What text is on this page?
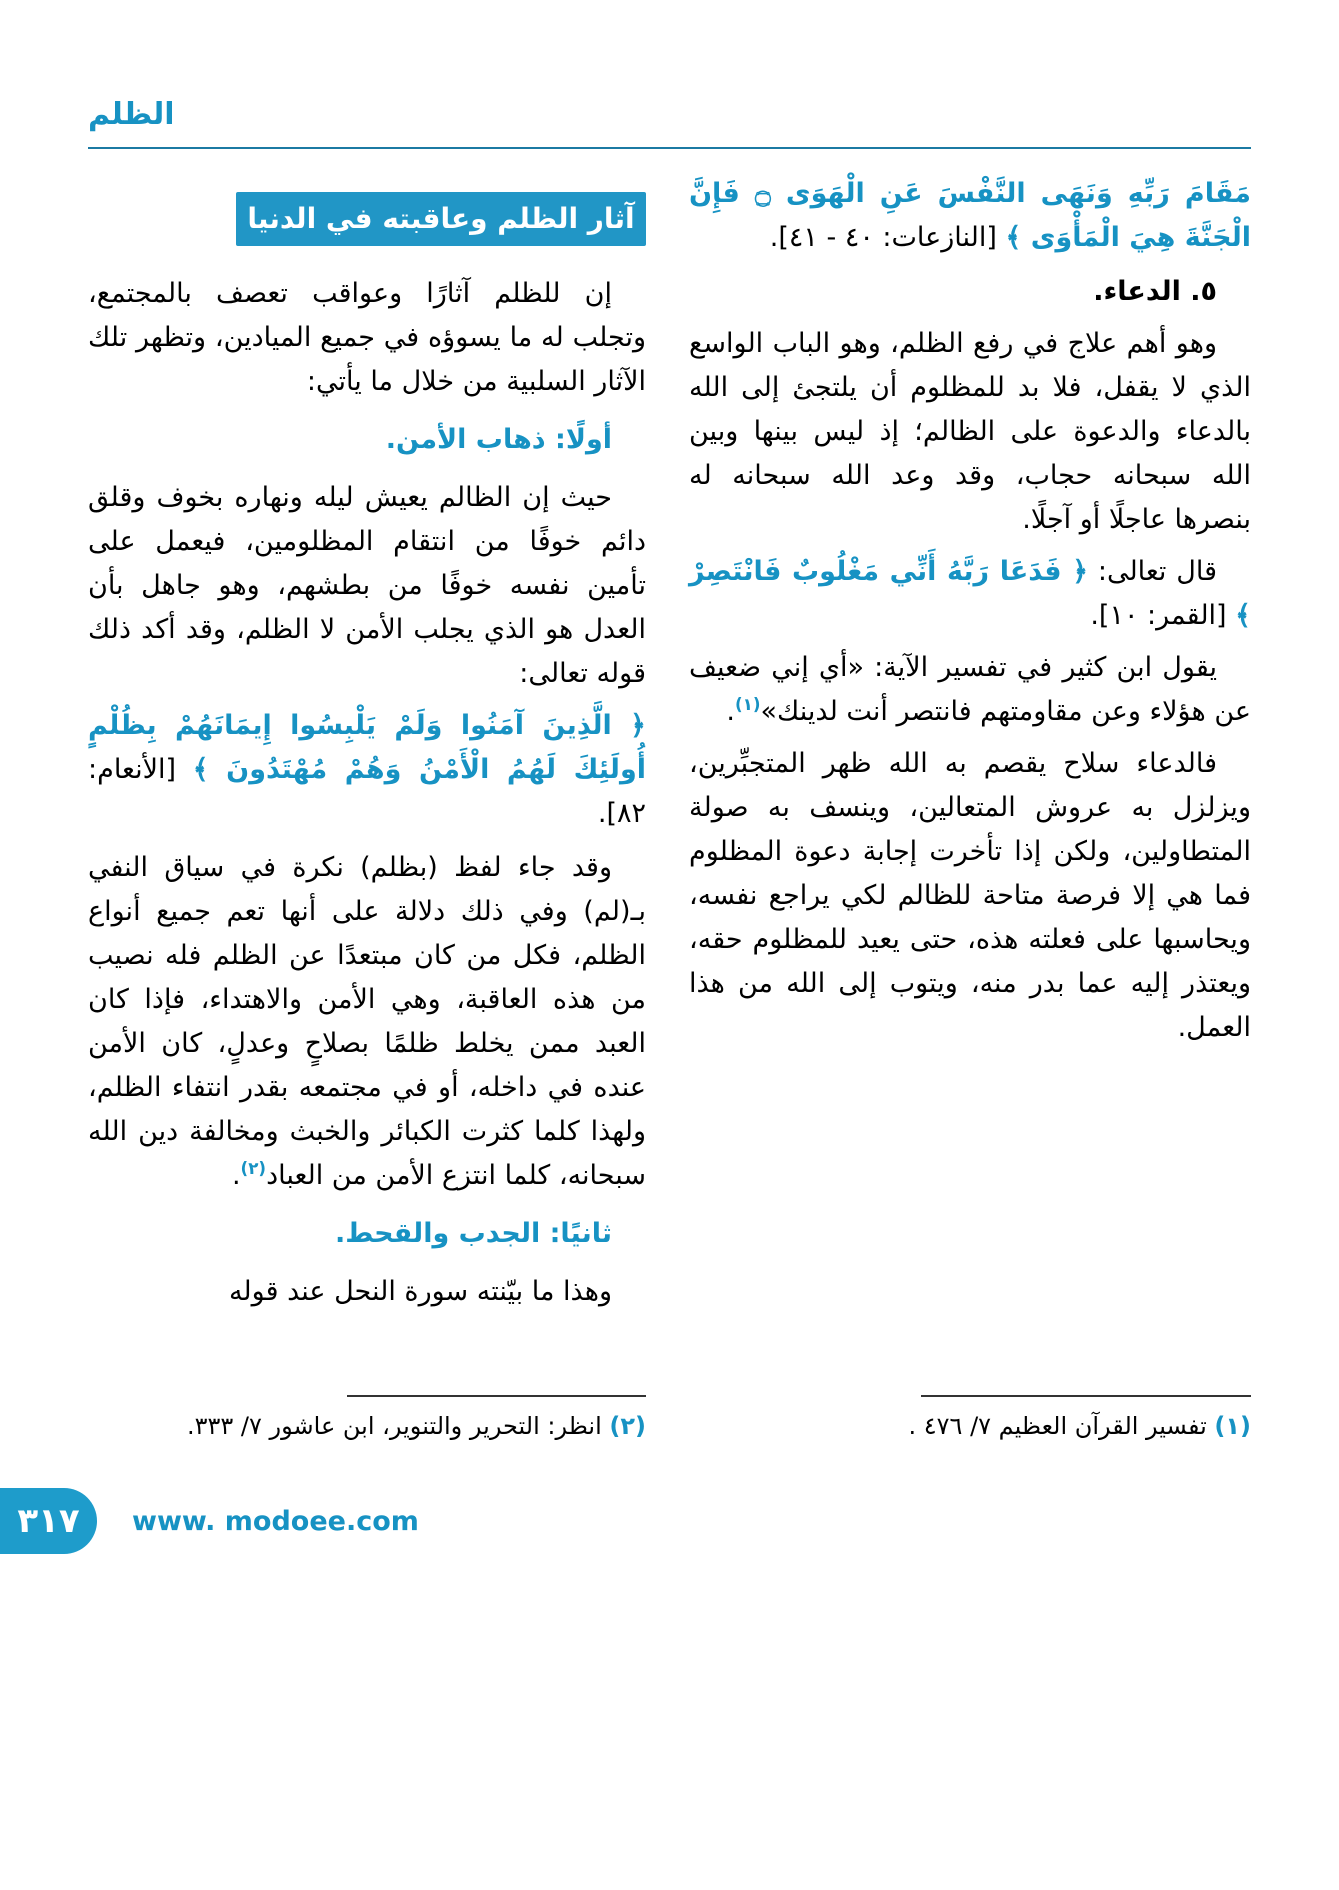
الظلم

مَقَامَ رَبِّهِ وَنَهَى النَّفْسَ عَنِ الْهَوَى ۝ فَإِنَّ الْجَنَّةَ هِيَ الْمَأْوَى ﴾ [النازعات: ٤٠ - ٤١].

٥. الدعاء.

وهو أهم علاج في رفع الظلم، وهو الباب الواسع الذي لا يقفل، فلا بد للمظلوم أن يلتجئ إلى الله بالدعاء والدعوة على الظالم؛ إذ ليس بينها وبين الله سبحانه حجاب، وقد وعد الله سبحانه له بنصرها عاجلًا أو آجلًا.

قال تعالى: ﴿ فَدَعَا رَبَّهُ أَنِّي مَغْلُوبٌ فَانْتَصِرْ ﴾ [القمر: ١٠].

يقول ابن كثير في تفسير الآية: «أي إني ضعيف عن هؤلاء وعن مقاومتهم فانتصر أنت لدينك»$^{(١)}$.

فالدعاء سلاح يقصم به الله ظهر المتجبِّرين، ويزلزل به عروش المتعالين، وينسف به صولة المتطاولين، ولكن إذا تأخرت إجابة دعوة المظلوم فما هي إلا فرصة متاحة للظالم لكي يراجع نفسه، ويحاسبها على فعلته هذه، حتى يعيد للمظلوم حقه، ويعتذر إليه عما بدر منه، ويتوب إلى الله من هذا العمل.

آثار الظلم وعاقبته في الدنيا

إن للظلم آثارًا وعواقب تعصف بالمجتمع، وتجلب له ما يسوؤه في جميع الميادين، وتظهر تلك الآثار السلبية من خلال ما يأتي:

أولًا: ذهاب الأمن.

حيث إن الظالم يعيش ليله ونهاره بخوف وقلق دائم خوفًا من انتقام المظلومين، فيعمل على تأمين نفسه خوفًا من بطشهم، وهو جاهل بأن العدل هو الذي يجلب الأمن لا الظلم، وقد أكد ذلك قوله تعالى:

﴿ الَّذِينَ آمَنُوا وَلَمْ يَلْبِسُوا إِيمَانَهُمْ بِظُلْمٍ أُولَئِكَ لَهُمُ الْأَمْنُ وَهُمْ مُهْتَدُونَ ﴾ [الأنعام: ٨٢].

وقد جاء لفظ (بظلم) نكرة في سياق النفي بـ(لم) وفي ذلك دلالة على أنها تعم جميع أنواع الظلم، فكل من كان مبتعدًا عن الظلم فله نصيب من هذه العاقبة، وهي الأمن والاهتداء، فإذا كان العبد ممن يخلط ظلمًا بصلاحٍ وعدلٍ، كان الأمن عنده في داخله، أو في مجتمعه بقدر انتفاء الظلم، ولهذا كلما كثرت الكبائر والخبث ومخالفة دين الله سبحانه، كلما انتزع الأمن من العباد$^{(٢)}$.

ثانيًا: الجدب والقحط.

وهذا ما بيّنته سورة النحل عند قوله

(١) تفسير القرآن العظيم ٧/ ٤٧٦ .

(٢) انظر: التحرير والتنوير، ابن عاشور ٧/ ٣٣٣.

٣١٧ www. modoee.com
